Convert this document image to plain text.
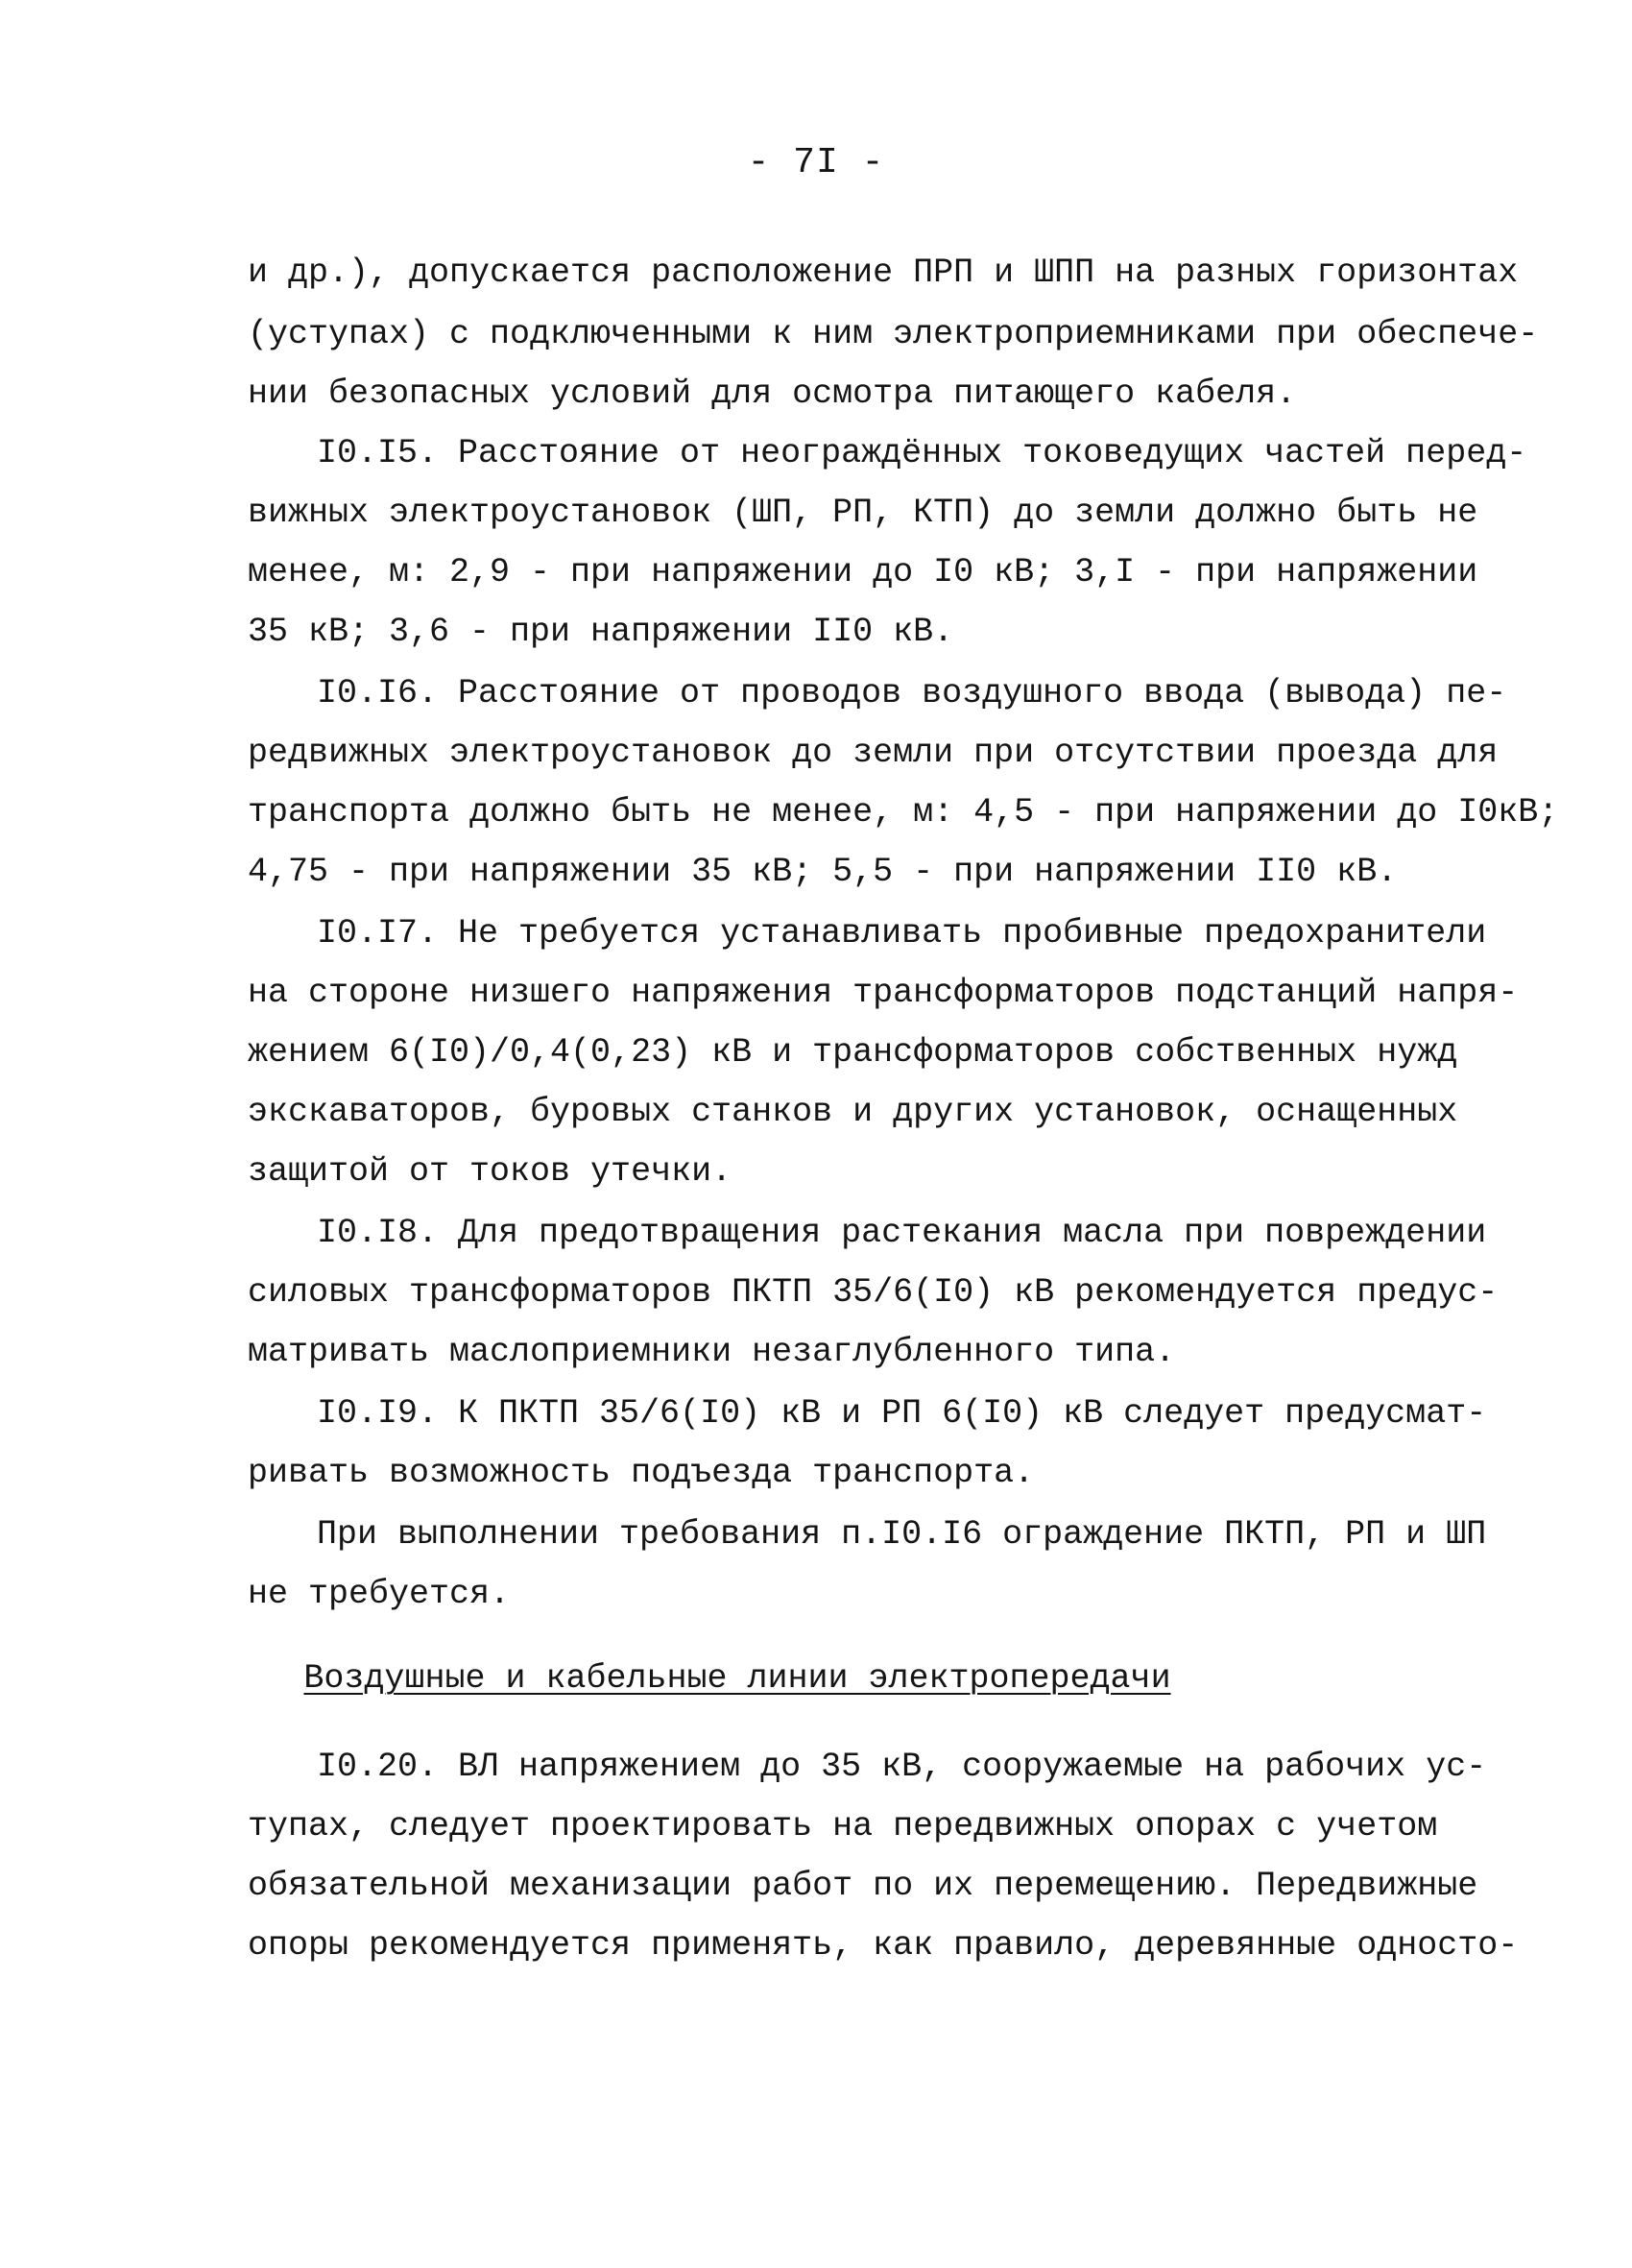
- 7I -
и др.), допускается расположение ПРП и ШПП на разных горизонтах
(уступах) с подключенными к ним электроприемниками при обеспече-
нии безопасных условий для осмотра питающего кабеля.
I0.I5. Расстояние от неограждённых токоведущих частей перед-
вижных электроустановок (ШП, РП, КТП) до земли должно быть не
менее, м: 2,9 - при напряжении до I0 кВ; 3,I - при напряжении
35 кВ; 3,6 - при напряжении II0 кВ.
I0.I6. Расстояние от проводов воздушного ввода (вывода) пе-
редвижных электроустановок до земли при отсутствии проезда для
транспорта должно быть не менее, м: 4,5 - при напряжении до I0кВ;
4,75 - при напряжении 35 кВ; 5,5 - при напряжении II0 кВ.
I0.I7. Не требуется устанавливать пробивные предохранители
на стороне низшего напряжения трансформаторов подстанций напря-
жением 6(I0)/0,4(0,23) кВ и трансформаторов собственных нужд
экскаваторов, буровых станков и других установок, оснащенных
защитой от токов утечки.
I0.I8. Для предотвращения растекания масла при повреждении
силовых трансформаторов ПКТП 35/6(I0) кВ рекомендуется предус-
матривать маслоприемники незаглубленного типа.
I0.I9. К ПКТП 35/6(I0) кВ и РП 6(I0) кВ следует предусмат-
ривать возможность подъезда транспорта.
При выполнении требования п.I0.I6 ограждение ПКТП, РП и ШП
не требуется.
Воздушные и кабельные линии электропередачи
I0.20. ВЛ напряжением до 35 кВ, сооружаемые на рабочих ус-
тупах, следует проектировать на передвижных опорах с учетом
обязательной механизации работ по их перемещению. Передвижные
опоры рекомендуется применять, как правило, деревянные односто-
